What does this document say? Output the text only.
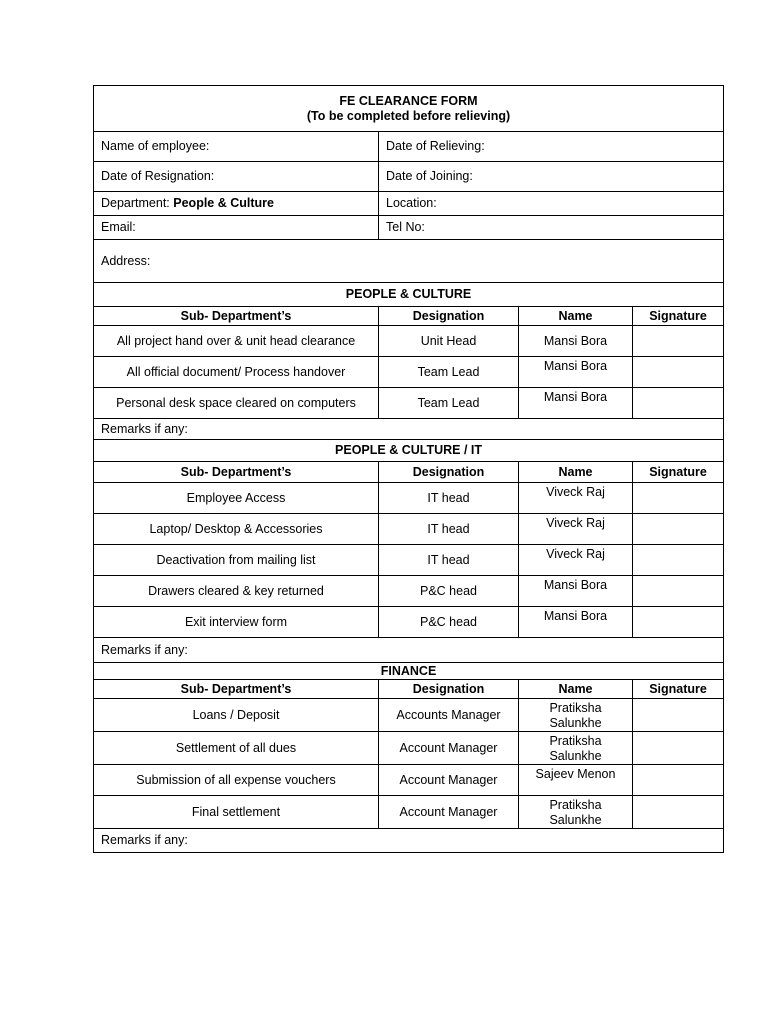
FE CLEARANCE FORM
(To be completed before relieving)			

Name of employee:	Date of Relieving:		
Date of Resignation:	Date of Joining:		
Department: People & Culture	Location:		
Email:	Tel No:		
Address:			
PEOPLE & CULTURE			
Sub- Department’s	Designation	Name	Signature
All project hand over & unit head clearance	Unit Head	Mansi Bora	
All official document/ Process handover	Team Lead	Mansi Bora	
Personal desk space cleared on computers	Team Lead	Mansi Bora	
Remarks if any:			
PEOPLE & CULTURE / IT			
Sub- Department’s	Designation	Name	Signature
Employee Access	IT head	Viveck Raj	
Laptop/ Desktop & Accessories	IT head	Viveck Raj	
Deactivation from mailing list	IT head	Viveck Raj	
Drawers cleared & key returned	P&C head	Mansi Bora	
Exit interview form	P&C head	Mansi Bora	
Remarks if any:			
FINANCE			
Sub- Department’s	Designation	Name	Signature
Loans / Deposit	Accounts Manager	Pratiksha Salunkhe	
Settlement of all dues	Account Manager	Pratiksha Salunkhe	
Submission of all expense vouchers	Account Manager	Sajeev Menon	
Final settlement	Account Manager	Pratiksha Salunkhe	
Remarks if any:			
